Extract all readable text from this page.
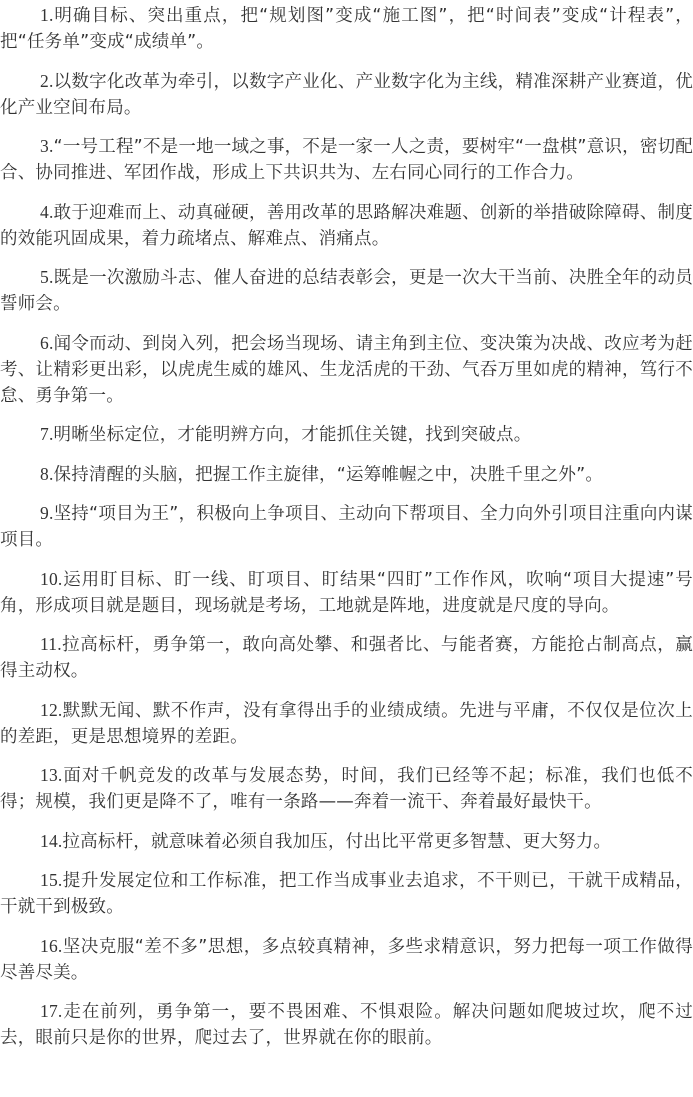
1.明确目标、突出重点，把“规划图”变成“施工图”，把“时间表”变成“计程表”，把“任务单”变成“成绩单”。

2.以数字化改革为牵引，以数字产业化、产业数字化为主线，精准深耕产业赛道，优化产业空间布局。

3.“一号工程”不是一地一域之事，不是一家一人之责，要树牢“一盘棋”意识，密切配合、协同推进、军团作战，形成上下共识共为、左右同心同行的工作合力。

4.敢于迎难而上、动真碰硬，善用改革的思路解决难题、创新的举措破除障碍、制度的效能巩固成果，着力疏堵点、解难点、消痛点。

5.既是一次激励斗志、催人奋进的总结表彰会，更是一次大干当前、决胜全年的动员誓师会。

6.闻令而动、到岗入列，把会场当现场、请主角到主位、变决策为决战、改应考为赶考、让精彩更出彩，以虎虎生威的雄风、生龙活虎的干劲、气吞万里如虎的精神，笃行不怠、勇争第一。

7.明晰坐标定位，才能明辨方向，才能抓住关键，找到突破点。

8.保持清醒的头脑，把握工作主旋律，“运筹帷幄之中，决胜千里之外”。

9.坚持“项目为王”，积极向上争项目、主动向下帮项目、全力向外引项目注重向内谋项目。

10.运用盯目标、盯一线、盯项目、盯结果“四盯”工作作风，吹响“项目大提速”号角，形成项目就是题目，现场就是考场，工地就是阵地，进度就是尺度的导向。

11.拉高标杆，勇争第一，敢向高处攀、和强者比、与能者赛，方能抢占制高点，赢得主动权。

12.默默无闻、默不作声，没有拿得出手的业绩成绩。先进与平庸，不仅仅是位次上的差距，更是思想境界的差距。

13.面对千帆竞发的改革与发展态势，时间，我们已经等不起；标准，我们也低不得；规模，我们更是降不了，唯有一条路——奔着一流干、奔着最好最快干。

14.拉高标杆，就意味着必须自我加压，付出比平常更多智慧、更大努力。

15.提升发展定位和工作标准，把工作当成事业去追求，不干则已，干就干成精品，干就干到极致。

16.坚决克服“差不多”思想，多点较真精神，多些求精意识，努力把每一项工作做得尽善尽美。

17.走在前列，勇争第一，要不畏困难、不惧艰险。解决问题如爬坡过坎，爬不过去，眼前只是你的世界，爬过去了，世界就在你的眼前。
